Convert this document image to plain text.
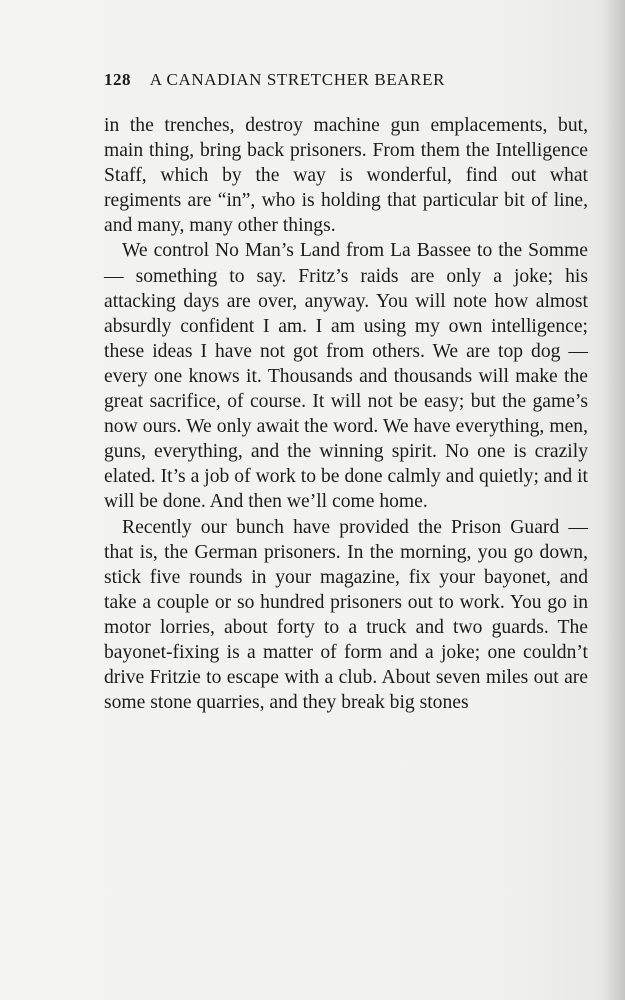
128 A CANADIAN STRETCHER BEARER

in the trenches, destroy machine gun emplacements, but, main thing, bring back prisoners. From them the Intelligence Staff, which by the way is wonderful, find out what regiments are “in”, who is holding that particular bit of line, and many, many other things.

We control No Man’s Land from La Bassee to the Somme — something to say. Fritz’s raids are only a joke; his attacking days are over, anyway. You will note how almost absurdly confident I am. I am using my own intelligence; these ideas I have not got from others. We are top dog — every one knows it. Thousands and thousands will make the great sacrifice, of course. It will not be easy; but the game’s now ours. We only await the word. We have everything, men, guns, everything, and the winning spirit. No one is crazily elated. It’s a job of work to be done calmly and quietly; and it will be done. And then we’ll come home.

Recently our bunch have provided the Prison Guard — that is, the German prisoners. In the morning, you go down, stick five rounds in your magazine, fix your bayonet, and take a couple or so hundred prisoners out to work. You go in motor lorries, about forty to a truck and two guards. The bayonet-fixing is a matter of form and a joke; one couldn’t drive Fritzie to escape with a club. About seven miles out are some stone quarries, and they break big stones
